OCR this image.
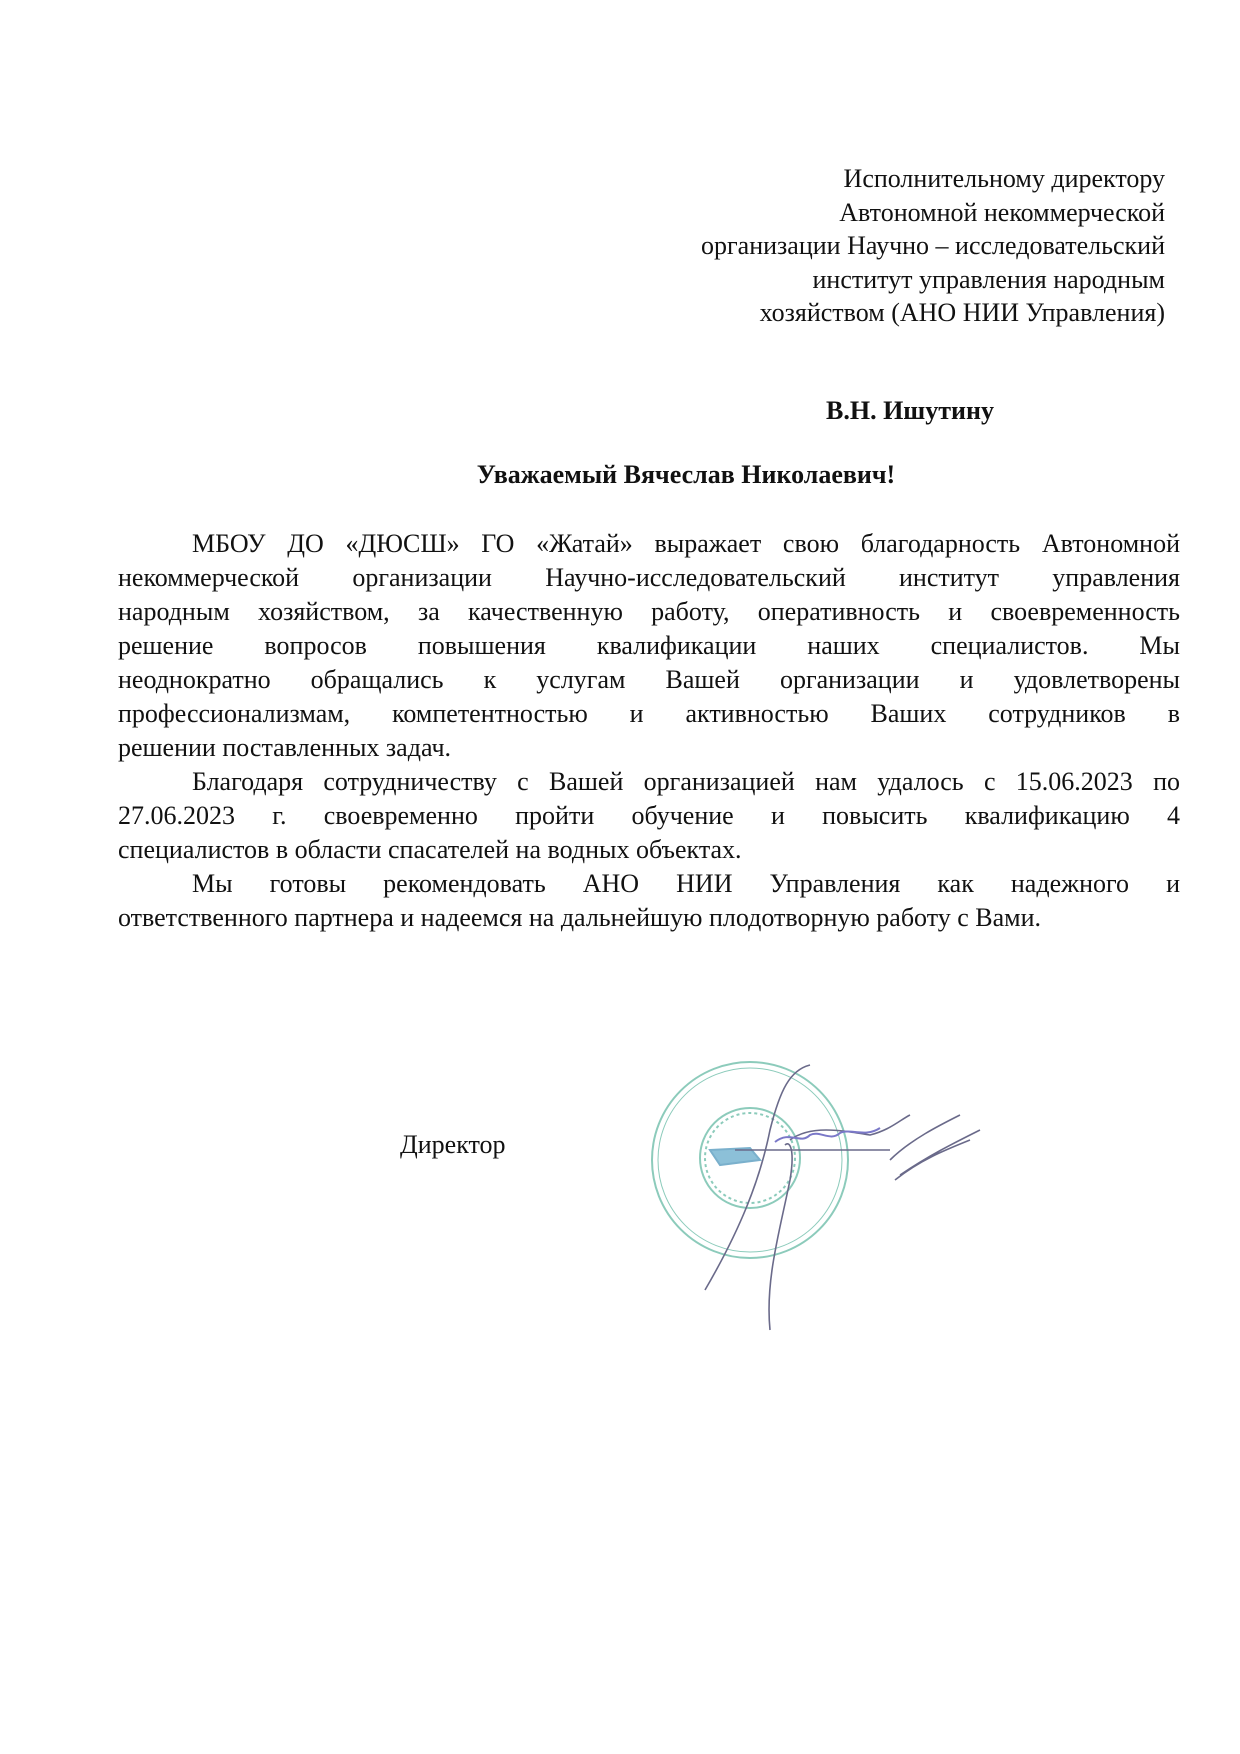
Исполнительному директору
Автономной некоммерческой
организации Научно – исследовательский
институт управления народным
хозяйством (АНО НИИ Управления)
В.Н. Ишутину
Уважаемый Вячеслав Николаевич!
МБОУ ДО «ДЮСШ» ГО «Жатай» выражает свою благодарность Автономной
некоммерческой организации Научно-исследовательский институт управления
народным хозяйством, за качественную работу, оперативность и своевременность
решение вопросов повышения квалификации наших специалистов. Мы
неоднократно обращались к услугам Вашей организации и удовлетворены
профессионализмам, компетентностью и активностью Ваших сотрудников в
решении поставленных задач.
Благодаря сотрудничеству с Вашей организацией нам удалось с 15.06.2023 по
27.06.2023 г. своевременно пройти обучение и повысить квалификацию 4
специалистов в области спасателей на водных объектах.
Мы готовы рекомендовать АНО НИИ Управления как надежного и
ответственного партнера и надеемся на дальнейшую плодотворную работу с Вами.
Директор
